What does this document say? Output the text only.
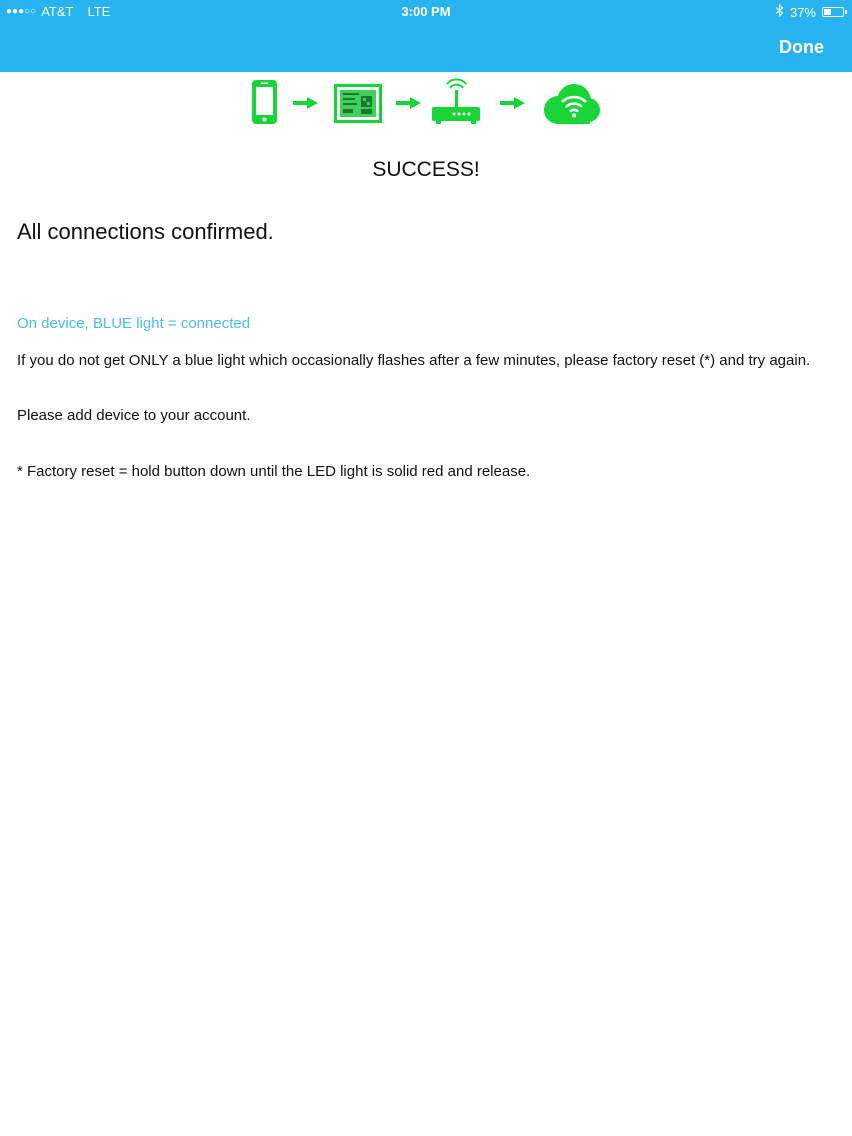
●●●○○ AT&T LTE	3:00 PM	37%
Done
SUCCESS!
All connections confirmed.
On device, BLUE light = connected
If you do not get ONLY a blue light which occasionally flashes after a few minutes, please factory reset (*) and try again.
Please add device to your account.
* Factory reset = hold button down until the LED light is solid red and release.
